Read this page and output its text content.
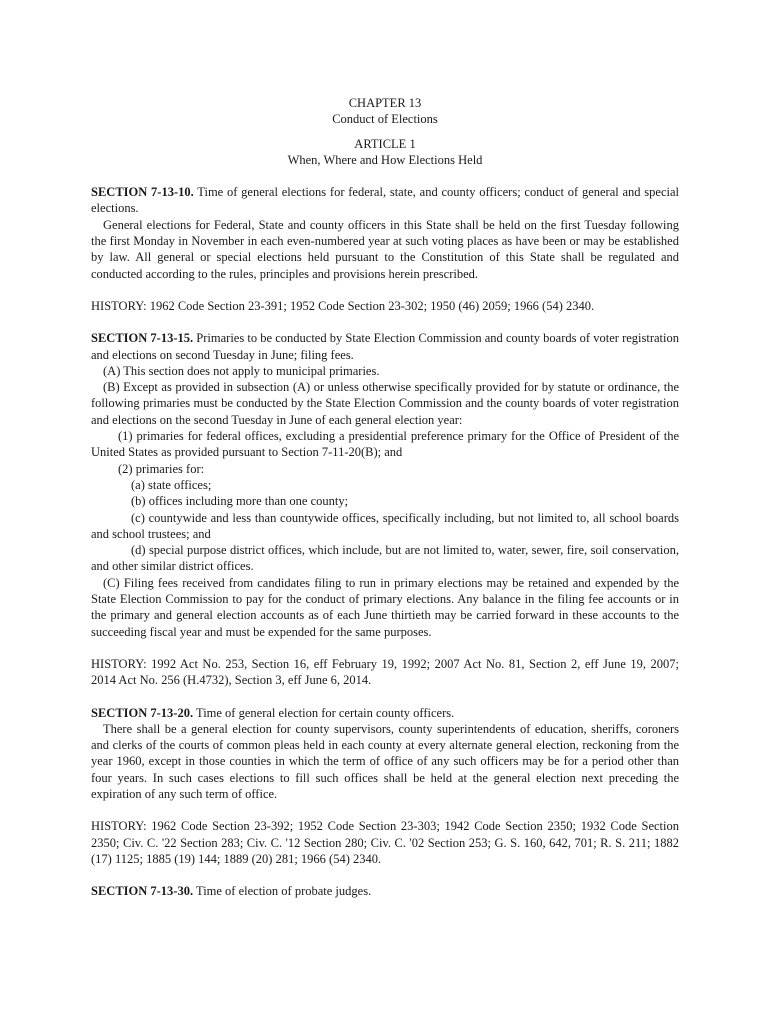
CHAPTER 13
Conduct of Elections
ARTICLE 1
When, Where and How Elections Held

SECTION 7-13-10. Time of general elections for federal, state, and county officers; conduct of general and special elections.

General elections for Federal, State and county officers in this State shall be held on the first Tuesday following the first Monday in November in each even-numbered year at such voting places as have been or may be established by law. All general or special elections held pursuant to the Constitution of this State shall be regulated and conducted according to the rules, principles and provisions herein prescribed.

HISTORY: 1962 Code Section 23-391; 1952 Code Section 23-302; 1950 (46) 2059; 1966 (54) 2340.

SECTION 7-13-15. Primaries to be conducted by State Election Commission and county boards of voter registration and elections on second Tuesday in June; filing fees.

(A) This section does not apply to municipal primaries.

(B) Except as provided in subsection (A) or unless otherwise specifically provided for by statute or ordinance, the following primaries must be conducted by the State Election Commission and the county boards of voter registration and elections on the second Tuesday in June of each general election year:

(1) primaries for federal offices, excluding a presidential preference primary for the Office of President of the United States as provided pursuant to Section 7-11-20(B); and

(2) primaries for:

(a) state offices;

(b) offices including more than one county;

(c) countywide and less than countywide offices, specifically including, but not limited to, all school boards and school trustees; and

(d) special purpose district offices, which include, but are not limited to, water, sewer, fire, soil conservation, and other similar district offices.

(C) Filing fees received from candidates filing to run in primary elections may be retained and expended by the State Election Commission to pay for the conduct of primary elections. Any balance in the filing fee accounts or in the primary and general election accounts as of each June thirtieth may be carried forward in these accounts to the succeeding fiscal year and must be expended for the same purposes.

HISTORY: 1992 Act No. 253, Section 16, eff February 19, 1992; 2007 Act No. 81, Section 2, eff June 19, 2007; 2014 Act No. 256 (H.4732), Section 3, eff June 6, 2014.

SECTION 7-13-20. Time of general election for certain county officers.

There shall be a general election for county supervisors, county superintendents of education, sheriffs, coroners and clerks of the courts of common pleas held in each county at every alternate general election, reckoning from the year 1960, except in those counties in which the term of office of any such officers may be for a period other than four years. In such cases elections to fill such offices shall be held at the general election next preceding the expiration of any such term of office.

HISTORY: 1962 Code Section 23-392; 1952 Code Section 23-303; 1942 Code Section 2350; 1932 Code Section 2350; Civ. C. '22 Section 283; Civ. C. '12 Section 280; Civ. C. '02 Section 253; G. S. 160, 642, 701; R. S. 211; 1882 (17) 1125; 1885 (19) 144; 1889 (20) 281; 1966 (54) 2340.

SECTION 7-13-30. Time of election of probate judges.
